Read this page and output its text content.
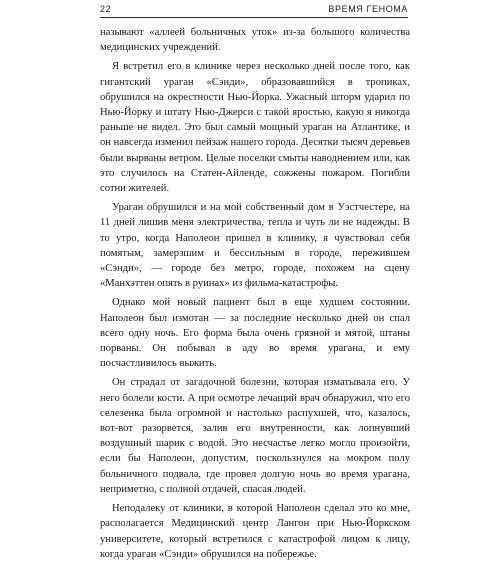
22	ВРЕМЯ ГЕНОМА

называют «аллеей больничных уток» из-за большого количества медицинских учреждений.

Я встретил его в клинике через несколько дней после того, как гигантский ураган «Сэнди», образовавшийся в тропиках, обрушился на окрестности Нью-Йорка. Ужасный шторм ударил по Нью-Йорку и штату Нью-Джерси с такой яростью, какую я никогда раньше не видел. Это был самый мощный ураган на Атлантике, и он навсегда изменил пейзаж нашего города. Десятки тысяч деревьев были вырваны ветром. Целые поселки смыты наводнением или, как это случилось на Статен-Айленде, сожжены пожаром. Погибли сотни жителей.

Ураган обрушился и на мой собственный дом в Уэстчестере, на 11 дней лишив меня электричества, тепла и чуть ли не надежды. В то утро, когда Наполеон пришел в клинику, я чувствовал себя помятым, замерзшим и бессильным в городе, пережившем «Сэнди», — городе без метро, городе, похожем на сцену «Манхэттен опять в руинах» из фильма-катастрофы.

Однако мой новый пациент был в еще худшем состоянии. Наполеон был измотан — за последние несколько дней он спал всего одну ночь. Его форма была очень грязной и мятой, штаны порваны. Он побывал в аду во время урагана, и ему посчастливилось выжить.

Он страдал от загадочной болезни, которая изматывала его. У него болели кости. А при осмотре лечащий врач обнаружил, что его селезенка была огромной и настолько распухшей, что, казалось, вот-вот разорвется, залив его внутренности, как лопнувший воздушный шарик с водой. Это несчастье легко могло произойти, если бы Наполеон, допустим, поскользнулся на мокром полу больничного подвала, где провел долгую ночь во время урагана, неприметно, с полной отдачей, спасая людей.

Неподалеку от клиники, в которой Наполеон сделал это ко мне, располагается Медицинский центр Лангон при Нью-Йоркском университете, который встретился с катастрофой лицом к лицу, когда ураган «Сэнди» обрушился на побережье.
